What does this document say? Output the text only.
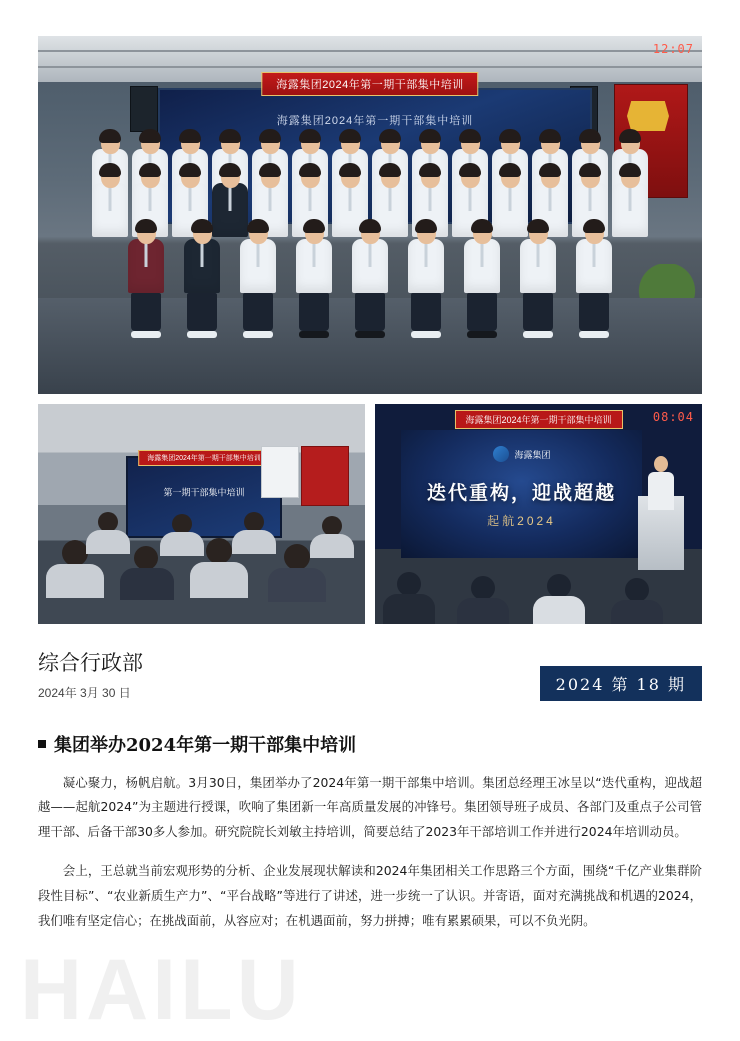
HAILU
海露集团2024年第一期干部集中培训
海露集团2024年第一期干部集中培训
12:07
海露集团2024年第一期干部集中培训
第一期干部集中培训
海露集团2024年第一期干部集中培训	08:04
海露集团
迭代重构，迎战超越
起航2024
综合行政部
2024年 3月 30 日	2024 第 18 期
集团举办2024年第一期干部集中培训

凝心聚力，杨帆启航。3月30日，集团举办了2024年第一期干部集中培训。集团总经理王冰呈以“迭代重构，迎战超越——起航2024”为主题进行授课，吹响了集团新一年高质量发展的冲锋号。集团领导班子成员、各部门及重点子公司管理干部、后备干部30多人参加。研究院院长刘敏主持培训，简要总结了2023年干部培训工作并进行2024年培训动员。

会上，王总就当前宏观形势的分析、企业发展现状解读和2024年集团相关工作思路三个方面，围绕“千亿产业集群阶段性目标”、“农业新质生产力”、“平台战略”等进行了讲述，进一步统一了认识。并寄语，面对充满挑战和机遇的2024，我们唯有坚定信心；在挑战面前，从容应对；在机遇面前，努力拼搏；唯有累累硕果，可以不负光阴。
